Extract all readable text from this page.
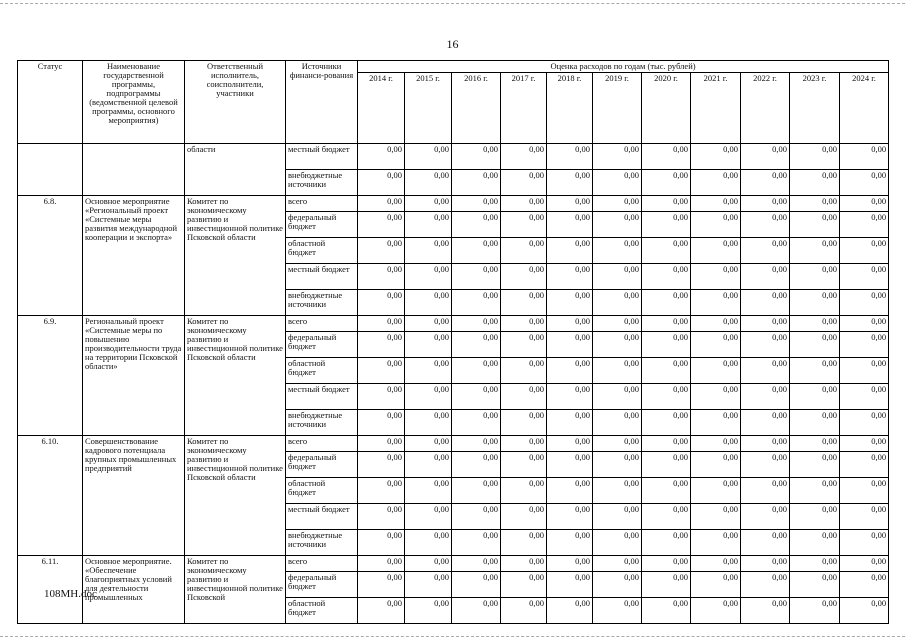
16
Статус	Наименование государственной программы, подпрограммы (ведомственной целевой программы, основного мероприятия)	Ответственный исполнитель, соисполнители, участники	Источники финанси-рования	Оценка расходов по годам (тыс. рублей)										
				2014 г.	2015 г.	2016 г.	2017 г.	2018 г.	2019 г.	2020 г.	2021 г.	2022 г.	2023 г.	2024 г.
		области	местный бюджет	0,00	0,00	0,00	0,00	0,00	0,00	0,00	0,00	0,00	0,00	0,00
			внебюджетные источники	0,00	0,00	0,00	0,00	0,00	0,00	0,00	0,00	0,00	0,00	0,00
6.8.	Основное мероприятие «Региональный проект «Системные меры развития международной кооперации и экспорта»	Комитет по экономическому развитию и инвестиционной политике Псковской области	всего	0,00	0,00	0,00	0,00	0,00	0,00	0,00	0,00	0,00	0,00	0,00
			федеральный бюджет	0,00	0,00	0,00	0,00	0,00	0,00	0,00	0,00	0,00	0,00	0,00
			областной бюджет	0,00	0,00	0,00	0,00	0,00	0,00	0,00	0,00	0,00	0,00	0,00
			местный бюджет	0,00	0,00	0,00	0,00	0,00	0,00	0,00	0,00	0,00	0,00	0,00
			внебюджетные источники	0,00	0,00	0,00	0,00	0,00	0,00	0,00	0,00	0,00	0,00	0,00
6.9.	Региональный проект «Системные меры по повышению производительности труда на территории Псковской области»	Комитет по экономическому развитию и инвестиционной политике Псковской области	всего	0,00	0,00	0,00	0,00	0,00	0,00	0,00	0,00	0,00	0,00	0,00
			федеральный бюджет	0,00	0,00	0,00	0,00	0,00	0,00	0,00	0,00	0,00	0,00	0,00
			областной бюджет	0,00	0,00	0,00	0,00	0,00	0,00	0,00	0,00	0,00	0,00	0,00
			местный бюджет	0,00	0,00	0,00	0,00	0,00	0,00	0,00	0,00	0,00	0,00	0,00
			внебюджетные источники	0,00	0,00	0,00	0,00	0,00	0,00	0,00	0,00	0,00	0,00	0,00
6.10.	Совершенствование кадрового потенциала крупных промышленных предприятий	Комитет по экономическому развитию и инвестиционной политике Псковской области	всего	0,00	0,00	0,00	0,00	0,00	0,00	0,00	0,00	0,00	0,00	0,00
			федеральный бюджет	0,00	0,00	0,00	0,00	0,00	0,00	0,00	0,00	0,00	0,00	0,00
			областной бюджет	0,00	0,00	0,00	0,00	0,00	0,00	0,00	0,00	0,00	0,00	0,00
			местный бюджет	0,00	0,00	0,00	0,00	0,00	0,00	0,00	0,00	0,00	0,00	0,00
			внебюджетные источники	0,00	0,00	0,00	0,00	0,00	0,00	0,00	0,00	0,00	0,00	0,00
6.11.	Основное мероприятие. «Обеспечение благоприятных условий для деятельности промышленных	Комитет по экономическому развитию и инвестиционной политике Псковской	всего	0,00	0,00	0,00	0,00	0,00	0,00	0,00	0,00	0,00	0,00	0,00
			федеральный бюджет	0,00	0,00	0,00	0,00	0,00	0,00	0,00	0,00	0,00	0,00	0,00
			областной бюджет	0,00	0,00	0,00	0,00	0,00	0,00	0,00	0,00	0,00	0,00	0,00
108МН.doc
